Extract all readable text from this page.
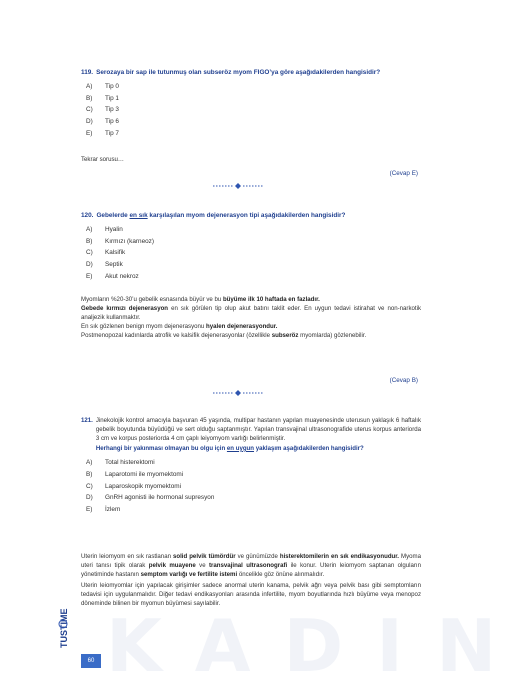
119. Serozaya bir sap ile tutunmuş olan subseröz myom FIGO’ya göre aşağıdakilerden hangisidir?
A)	Tip 0
B)	Tip 1
C)	Tip 3
D)	Tip 6
E)	Tip 7

Tekrar sorusu…

(Cevap E)
120. Gebelerde en sık karşılaşılan myom dejenerasyon tipi aşağıdakilerden hangisidir?
A)	Hyalin
B)	Kırmızı (karneoz)
C)	Kalsifik
D)	Septik
E)	Akut nekroz

Myomların %20-30’u gebelik esnasında büyür ve bu büyüme ilk 10 haftada en fazladır.

Gebede kırmızı dejenerasyon en sık görülen tip olup akut batını taklit eder. En uygun tedavi istirahat ve non-narkotik analjezik kullanmaktır.

En sık gözlenen benign myom dejenerasyonu hyalen dejenerasyondur.

Postmenopozal kadınlarda atrofik ve kalsifik dejenerasyonlar (özellikle subseröz myomlarda) gözlenebilir.

(Cevap B)
121. Jinekolojik kontrol amacıyla başvuran 45 yaşında, multipar hastanın yapılan muayenesinde uterusun yaklaşık 6 haftalık gebelik boyutunda büyüdüğü ve sert olduğu saptanmıştır. Yapılan transvajinal ultrasonografide uterus korpus anteriorda 3 cm ve korpus posteriorda 4 cm çaplı leiyomyom varlığı belirlenmiştir.
Herhangi bir yakınması olmayan bu olgu için en uygun yaklaşım aşağıdakilerden hangisidir?
A)	Total histerektomi
B)	Laparotomi ile myomektomi
C)	Laparoskopik myomektomi
D)	GnRH agonisti ile hormonal supresyon
E)	İzlem

Uterin leiomyom en sık rastlanan solid pelvik tümördür ve günümüzde histerektomilerin en sık endikasyonudur. Myoma uteri tanısı tipik olarak pelvik muayene ve transvajinal ultrasonografi ile konur. Uterin leiomyom saptanan olguların yönetiminde hastanın semptom varlığı ve fertilite istemi öncelikle göz önüne alınmalıdır.

Uterin leiomyomlar için yapılacak girişimler sadece anormal uterin kanama, pelvik ağrı veya pelvik bası gibi semptomların tedavisi için uygulanmalıdır. Diğer tedavi endikasyonları arasında infertilite, myom boyutlarında hızlı büyüme veya menopoz döneminde bilinen bir myomun büyümesi sayılabilir.

KADIN
TUSTIME
60
